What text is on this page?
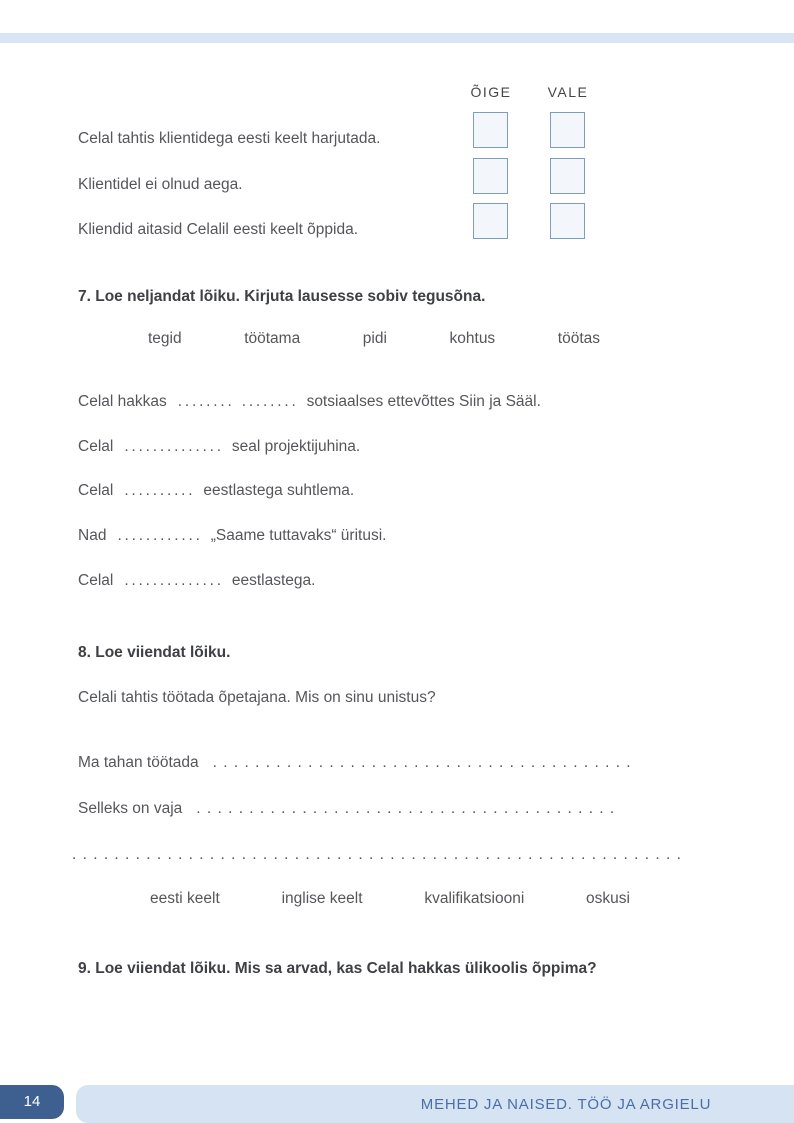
ÕIGE	VALE
Celal tahtis klientidega eesti keelt harjutada.
Klientidel ei olnud aega.
Kliendid aitasid Celalil eesti keelt õppida.
7. Loe neljandat lõiku. Kirjuta lausesse sobiv tegusõna.
tegid	töötama	pidi	kohtus	töötas
Celal hakkas ........ ........ sotsiaalses ettevõttes Siin ja Sääl.
Celal .............. seal projektijuhina.
Celal .......... eestlastega suhtlema.
Nad ............ „Saame tuttavaks“ üritusi.
Celal .............. eestlastega.
8. Loe viiendat lõiku.
Celali tahtis töötada õpetajana. Mis on sinu unistus?
Ma tahan töötada ........................................
Selleks on vaja ........................................
..........................................................
eesti keelt	inglise keelt	kvalifikatsiooni	oskusi
9. Loe viiendat lõiku. Mis sa arvad, kas Celal hakkas ülikoolis õppima?
14	MEHED JA NAISED. TÖÖ JA ARGIELU
